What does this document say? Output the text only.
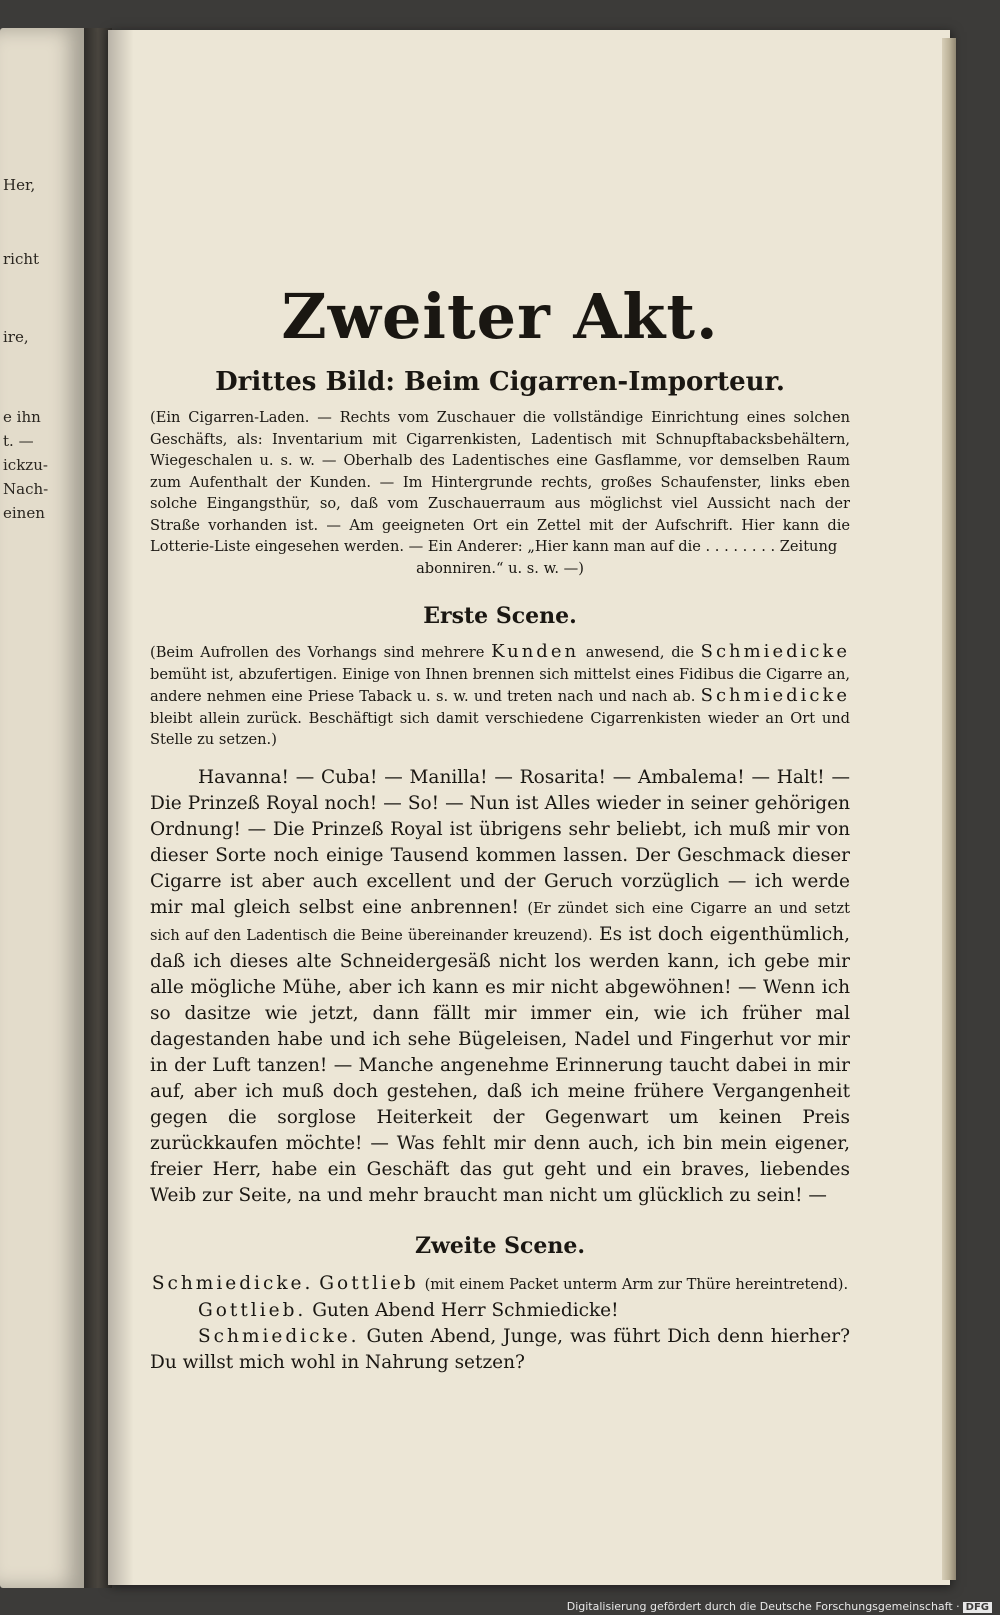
Her,
richt
ire,
e ihn
t. —
ickzu-
Nach-
einen
Zweiter Akt.
Drittes Bild: Beim Cigarren-Importeur.

(Ein Cigarren-Laden. — Rechts vom Zuschauer die vollständige Einrichtung eines solchen Geschäfts, als: Inventarium mit Cigarrenkisten, Ladentisch mit Schnupftabacksbehältern, Wiegeschalen u. s. w. — Oberhalb des Ladentisches eine Gasflamme, vor demselben Raum zum Aufenthalt der Kunden. — Im Hintergrunde rechts, großes Schaufenster, links eben solche Eingangsthür, so, daß vom Zuschauerraum aus möglichst viel Aussicht nach der Straße vorhanden ist. — Am geeigneten Ort ein Zettel mit der Aufschrift. Hier kann die Lotterie-Liste eingesehen werden. — Ein Anderer: „Hier kann man auf die . . . . . . . . Zeitung

abonniren.“ u. s. w. —)

Erste Scene.

(Beim Aufrollen des Vorhangs sind mehrere Kunden anwesend, die Schmiedicke bemüht ist, abzufertigen. Einige von Ihnen brennen sich mittelst eines Fidibus die Cigarre an, andere nehmen eine Priese Taback u. s. w. und treten nach und nach ab. Schmiedicke bleibt allein zurück. Beschäftigt sich damit verschiedene Cigarrenkisten wieder an Ort und Stelle zu setzen.)

Havanna! — Cuba! — Manilla! — Rosarita! — Ambalema! — Halt! — Die Prinzeß Royal noch! — So! — Nun ist Alles wieder in seiner gehörigen Ordnung! — Die Prinzeß Royal ist übrigens sehr beliebt, ich muß mir von dieser Sorte noch einige Tausend kommen lassen. Der Geschmack dieser Cigarre ist aber auch excellent und der Geruch vorzüglich — ich werde mir mal gleich selbst eine anbrennen! (Er zündet sich eine Cigarre an und setzt sich auf den Ladentisch die Beine übereinander kreuzend). Es ist doch eigenthümlich, daß ich dieses alte Schneidergesäß nicht los werden kann, ich gebe mir alle mögliche Mühe, aber ich kann es mir nicht abgewöhnen! — Wenn ich so dasitze wie jetzt, dann fällt mir immer ein, wie ich früher mal dagestanden habe und ich sehe Bügeleisen, Nadel und Fingerhut vor mir in der Luft tanzen! — Manche angenehme Erinnerung taucht dabei in mir auf, aber ich muß doch gestehen, daß ich meine frühere Vergangenheit gegen die sorglose Heiterkeit der Gegenwart um keinen Preis zurückkaufen möchte! — Was fehlt mir denn auch, ich bin mein eigener, freier Herr, habe ein Geschäft das gut geht und ein braves, liebendes Weib zur Seite, na und mehr braucht man nicht um glücklich zu sein! —

Zweite Scene.

Schmiedicke. Gottlieb (mit einem Packet unterm Arm zur Thüre hereintretend).

Gottlieb. Guten Abend Herr Schmiedicke!

Schmiedicke. Guten Abend, Junge, was führt Dich denn hierher? Du willst mich wohl in Nahrung setzen?

Digitalisierung gefördert durch die Deutsche Forschungsgemeinschaft · DFG
